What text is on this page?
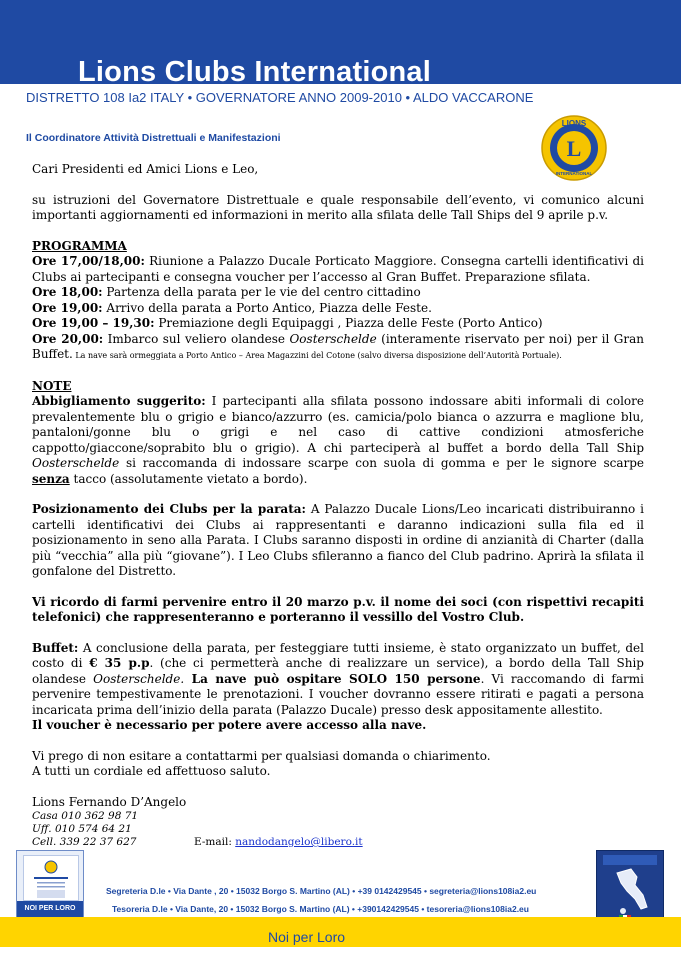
Lions Clubs International
DISTRETTO 108 Ia2 ITALY • GOVERNATORE ANNO 2009-2010 • ALDO VACCARONE
Il Coordinatore Attività Distrettuali e Manifestazioni	L
LIONS
INTERNATIONAL

Cari Presidenti ed Amici Lions e Leo,

su istruzioni del Governatore Distrettuale e quale responsabile dell’evento, vi comunico alcuni importanti aggiornamenti ed informazioni in merito alla sfilata delle Tall Ships del 9 aprile p.v.

PROGRAMMA

Ore 17,00/18,00: Riunione a Palazzo Ducale Porticato Maggiore. Consegna cartelli identificativi di Clubs ai partecipanti e consegna voucher per l’accesso al Gran Buffet. Preparazione sfilata.

Ore 18,00: Partenza della parata per le vie del centro cittadino

Ore 19,00: Arrivo della parata a Porto Antico, Piazza delle Feste.

Ore 19,00 – 19,30: Premiazione degli Equipaggi , Piazza delle Feste (Porto Antico)

Ore 20,00: Imbarco sul veliero olandese Oosterschelde (interamente riservato per noi) per il Gran Buffet. La nave sarà ormeggiata a Porto Antico – Area Magazzini del Cotone (salvo diversa disposizione dell’Autorità Portuale).

NOTE

Abbigliamento suggerito: I partecipanti alla sfilata possono indossare abiti informali di colore prevalentemente blu o grigio e bianco/azzurro (es. camicia/polo bianca o azzurra e maglione blu, pantaloni/gonne blu o grigi e nel caso di cattive condizioni atmosferiche cappotto/giaccone/soprabito blu o grigio). A chi parteciperà al buffet a bordo della Tall Ship Oosterschelde si raccomanda di indossare scarpe con suola di gomma e per le signore scarpe senza tacco (assolutamente vietato a bordo).

Posizionamento dei Clubs per la parata: A Palazzo Ducale Lions/Leo incaricati distribuiranno i cartelli identificativi dei Clubs ai rappresentanti e daranno indicazioni sulla fila ed il posizionamento in seno alla Parata. I Clubs saranno disposti in ordine di anzianità di Charter (dalla più “vecchia” alla più “giovane”). I Leo Clubs sfileranno a fianco del Club padrino. Aprirà la sfilata il gonfalone del Distretto.

Vi ricordo di farmi pervenire entro il 20 marzo p.v. il nome dei soci (con rispettivi recapiti telefonici) che rappresenteranno e porteranno il vessillo del Vostro Club.

Buffet: A conclusione della parata, per festeggiare tutti insieme, è stato organizzato un buffet, del costo di € 35 p.p. (che ci permetterà anche di realizzare un service), a bordo della Tall Ship olandese Oosterschelde. La nave può ospitare SOLO 150 persone. Vi raccomando di farmi pervenire tempestivamente le prenotazioni. I voucher dovranno essere ritirati e pagati a persona incaricata prima dell’inizio della parata (Palazzo Ducale) presso desk appositamente allestito.

Il voucher è necessario per potere avere accesso alla nave.

Vi prego di non esitare a contattarmi per qualsiasi domanda o chiarimento.

A tutti un cordiale ed affettuoso saluto.

Lions Fernando D’Angelo

Casa 010 362 98 71

Uff. 010 574 64 21

Cell. 339 22 37 627	E-mail: nandodangelo@libero.it
NOI PER LORO
Segreteria D.le • Via Dante , 20 • 15032 Borgo S. Martino (AL) • +39 0142429545 • segreteria@lions108ia2.eu
Tesoreria D.le • Via Dante, 20 • 15032 Borgo S. Martino (AL) • +390142429545 • tesoreria@lions108ia2.eu
Noi per Loro
